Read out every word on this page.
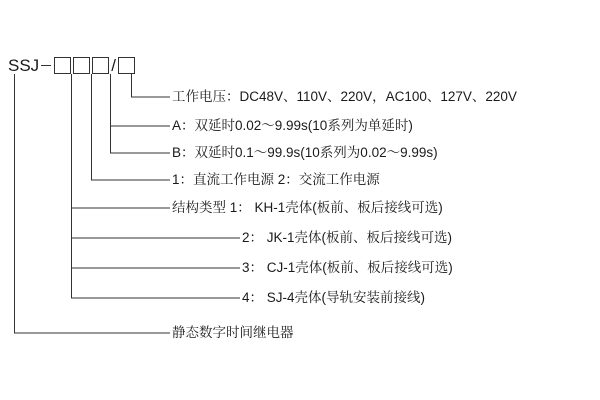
SSJ	/
工作电压：DC48V、110V、220V，AC100、127V、220V
A：双延时0.02～9.99s(10系列为单延时)
B：双延时0.1～99.9s(10系列为0.02～9.99s)
1：直流工作电源 2：交流工作电源
结构类型 1： KH-1壳体(板前、板后接线可选)
2： JK-1壳体(板前、板后接线可选)
3： CJ-1壳体(板前、板后接线可选)
4： SJ-4壳体(导轨安装前接线)
静态数字时间继电器
